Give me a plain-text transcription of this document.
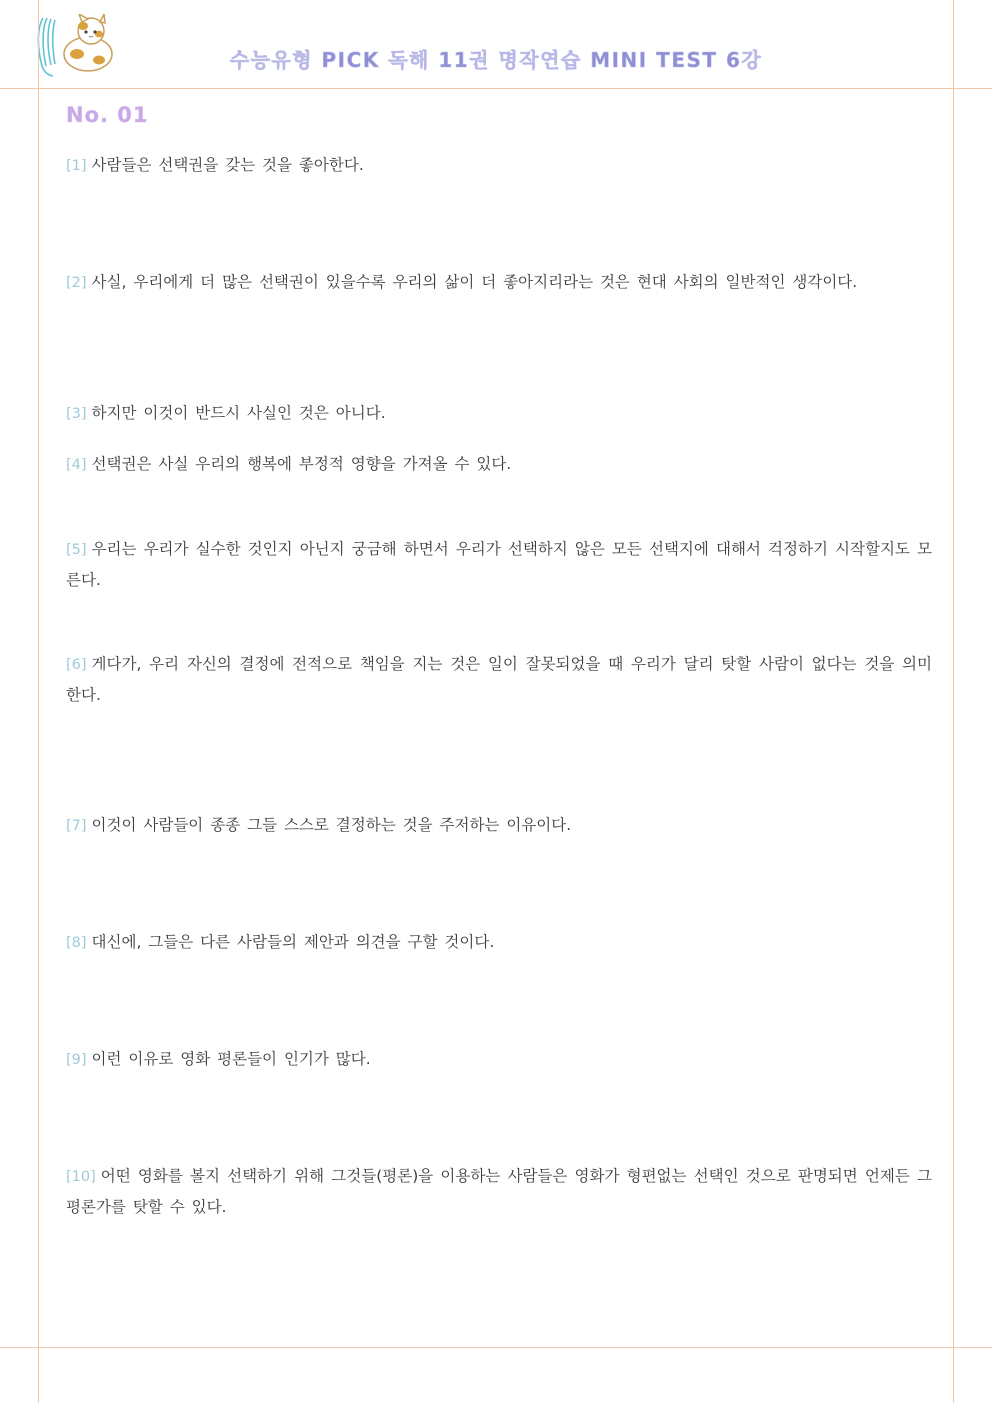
수능유형 PICK 독해 11권 명작연습 MINI TEST 6강
No. 01

[1] 사람들은 선택권을 갖는 것을 좋아한다.

[2] 사실, 우리에게 더 많은 선택권이 있을수록 우리의 삶이 더 좋아지리라는 것은 현대 사회의 일반적인 생각이다.

[3] 하지만 이것이 반드시 사실인 것은 아니다.

[4] 선택권은 사실 우리의 행복에 부정적 영향을 가져올 수 있다.

[5] 우리는 우리가 실수한 것인지 아닌지 궁금해 하면서 우리가 선택하지 않은 모든 선택지에 대해서 걱정하기 시작할지도 모른다.

[6] 게다가, 우리 자신의 결정에 전적으로 책임을 지는 것은 일이 잘못되었을 때 우리가 달리 탓할 사람이 없다는 것을 의미한다.

[7] 이것이 사람들이 종종 그들 스스로 결정하는 것을 주저하는 이유이다.

[8] 대신에, 그들은 다른 사람들의 제안과 의견을 구할 것이다.

[9] 이런 이유로 영화 평론들이 인기가 많다.

[10] 어떤 영화를 볼지 선택하기 위해 그것들(평론)을 이용하는 사람들은 영화가 형편없는 선택인 것으로 판명되면 언제든 그 평론가를 탓할 수 있다.
